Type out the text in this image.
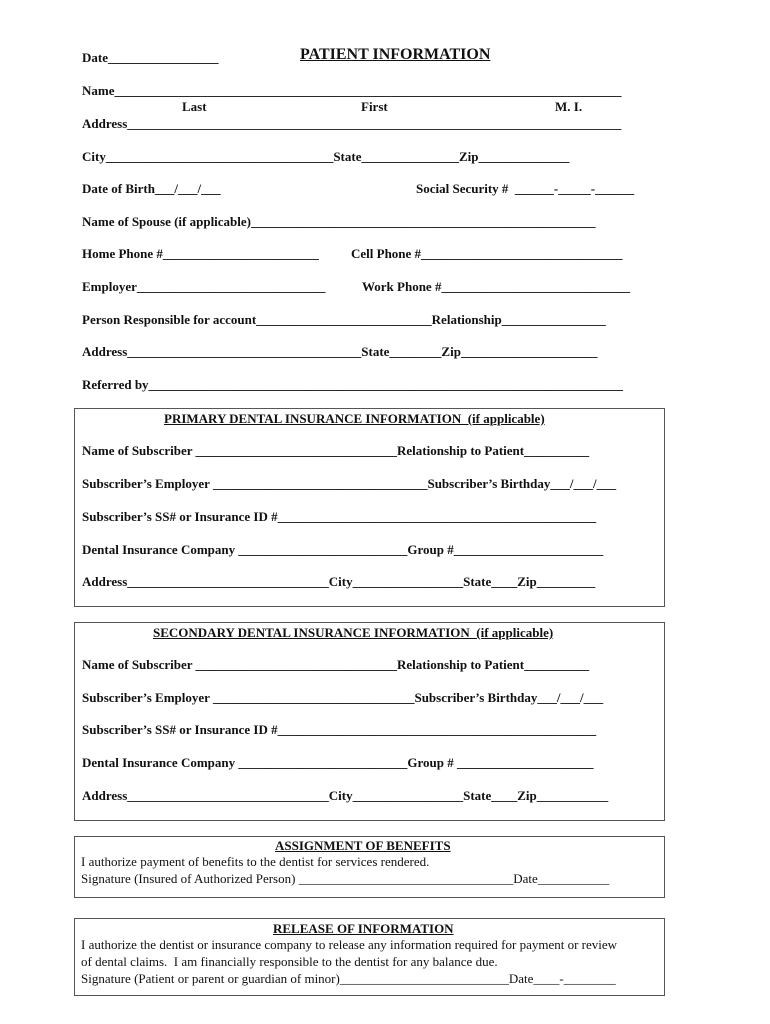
Date_________________	PATIENT INFORMATION
Name______________________________________________________________________________
Last	First	M. I.
Address____________________________________________________________________________
City___________________________________State_______________Zip______________
Date of Birth___/___/___	Social Security #  ______-_____-______
Name of Spouse (if applicable)_____________________________________________________
Home Phone #________________________ Cell Phone #_______________________________
Employer_____________________________	Work Phone #_____________________________
Person Responsible for account___________________________Relationship________________
Address____________________________________State________Zip_____________________
Referred by_________________________________________________________________________
PRIMARY DENTAL INSURANCE INFORMATION  (if applicable)
Name of Subscriber _______________________________Relationship to Patient__________
Subscriber’s Employer _________________________________Subscriber’s Birthday___/___/___
Subscriber’s SS# or Insurance ID #_________________________________________________
Dental Insurance Company __________________________Group #_______________________
Address_______________________________City_________________State____Zip_________
SECONDARY DENTAL INSURANCE INFORMATION  (if applicable)
Name of Subscriber _______________________________Relationship to Patient__________
Subscriber’s Employer _______________________________Subscriber’s Birthday___/___/___
Subscriber’s SS# or Insurance ID #_________________________________________________
Dental Insurance Company __________________________Group # _____________________
Address_______________________________City_________________State____Zip___________
ASSIGNMENT OF BENEFITS
I authorize payment of benefits to the dentist for services rendered.
Signature (Insured of Authorized Person) _________________________________Date___________
RELEASE OF INFORMATION
I authorize the dentist or insurance company to release any information required for payment or review
of dental claims.  I am financially responsible to the dentist for any balance due.
Signature (Patient or parent or guardian of minor)__________________________Date____-________
